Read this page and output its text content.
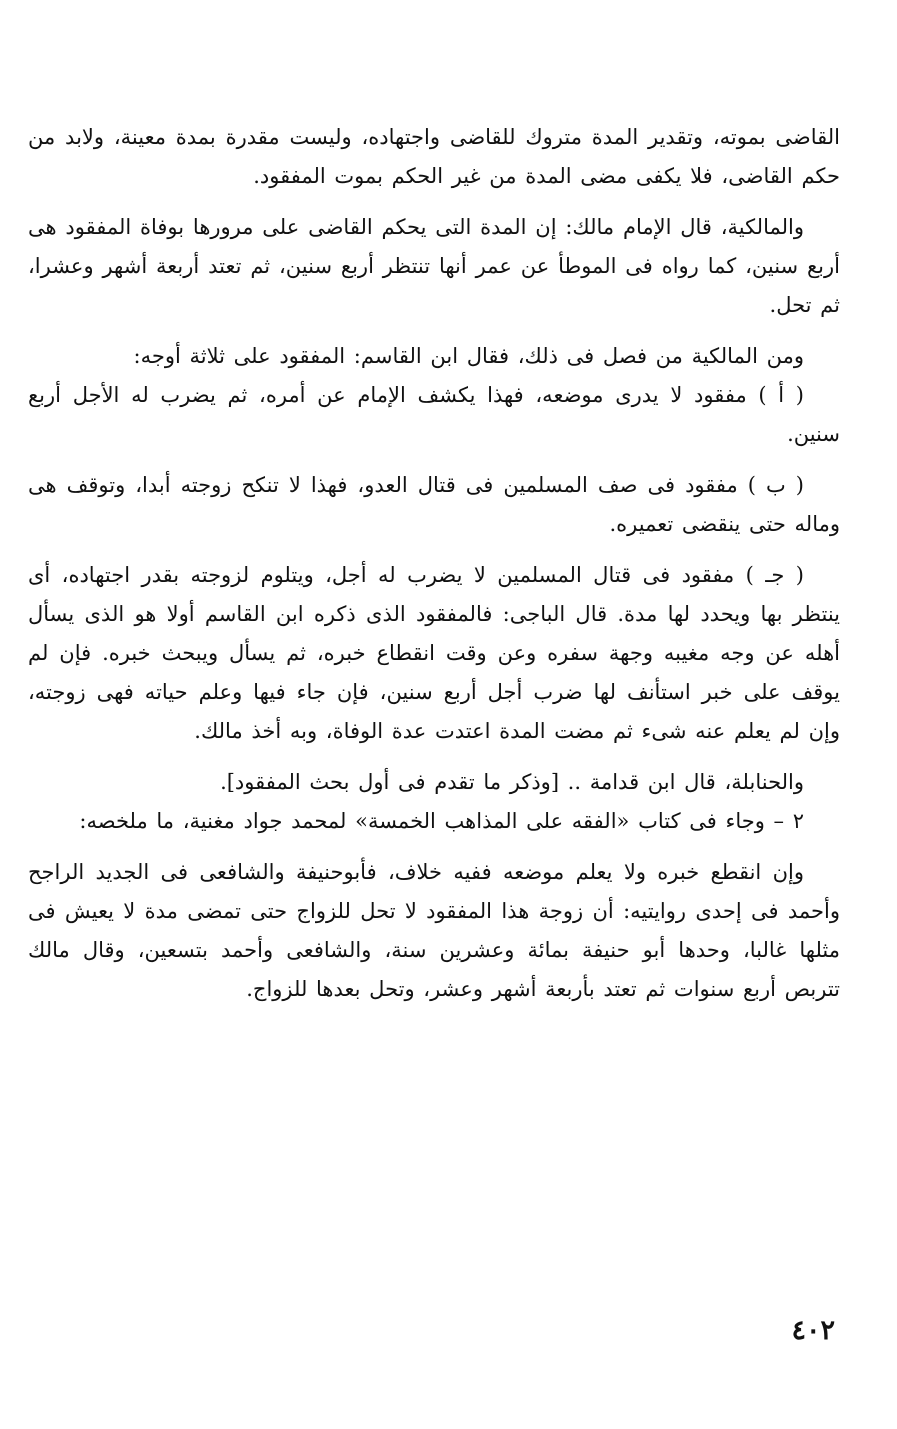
القاضى بموته، وتقدير المدة متروك للقاضى واجتهاده، وليست مقدرة بمدة معينة، ولابد من حكم القاضى، فلا يكفى مضى المدة من غير الحكم بموت المفقود.

والمالكية، قال الإمام مالك: إن المدة التى يحكم القاضى على مرورها بوفاة المفقود هى أربع سنين، كما رواه فى الموطأ عن عمر أنها تنتظر أربع سنين، ثم تعتد أربعة أشهر وعشرا، ثم تحل.

ومن المالكية من فصل فى ذلك، فقال ابن القاسم: المفقود على ثلاثة أوجه:

( أ ) مفقود لا يدرى موضعه، فهذا يكشف الإمام عن أمره، ثم يضرب له الأجل أربع سنين.

( ب ) مفقود فى صف المسلمين فى قتال العدو، فهذا لا تنكح زوجته أبدا، وتوقف هى وماله حتى ينقضى تعميره.

( جـ ) مفقود فى قتال المسلمين لا يضرب له أجل، ويتلوم لزوجته بقدر اجتهاده، أى ينتظر بها ويحدد لها مدة. قال الباجى: فالمفقود الذى ذكره ابن القاسم أولا هو الذى يسأل أهله عن وجه مغيبه وجهة سفره وعن وقت انقطاع خبره، ثم يسأل ويبحث خبره. فإن لم يوقف على خبر استأنف لها ضرب أجل أربع سنين، فإن جاء فيها وعلم حياته فهى زوجته، وإن لم يعلم عنه شىء ثم مضت المدة اعتدت عدة الوفاة، وبه أخذ مالك.

والحنابلة، قال ابن قدامة .. [وذكر ما تقدم فى أول بحث المفقود].

٢ – وجاء فى كتاب «الفقه على المذاهب الخمسة» لمحمد جواد مغنية، ما ملخصه:

وإن انقطع خبره ولا يعلم موضعه ففيه خلاف، فأبوحنيفة والشافعى فى الجديد الراجح وأحمد فى إحدى روايتيه: أن زوجة هذا المفقود لا تحل للزواج حتى تمضى مدة لا يعيش فى مثلها غالبا، وحدها أبو حنيفة بمائة وعشرين سنة، والشافعى وأحمد بتسعين، وقال مالك تتربص أربع سنوات ثم تعتد بأربعة أشهر وعشر، وتحل بعدها للزواج.

٤٠٢
